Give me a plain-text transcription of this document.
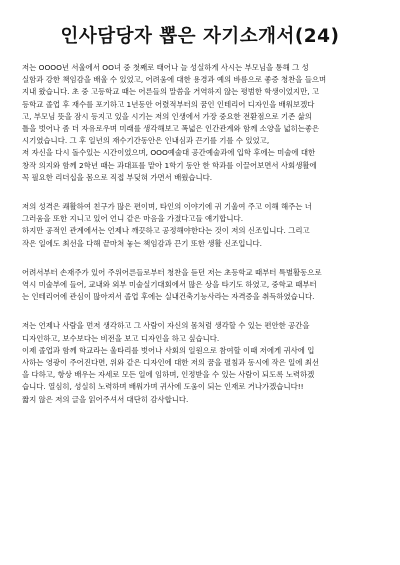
인사담당자 뽑은 자기소개서(24)
저는 OOOO년 서울에서 OO녀 중 첫째로 태어나 늘 성실하게 사시는 부모님을 통해 그 성
실함과 강한 책임감을 배울 수 있었고, 어려움에 대한 용경과 예의 바름으로 좋증 청찬을 들으며
지내 왔습니다. 초 중 고등학교 때는 어른들의 말씀을 거역하지 않는 평범한 학생이었지만, 고
등학교 졸업 후 재수를 포기하고 1년동안 어렸적부터의 꿈인 인테리어 디자인을 배워보겠다
고, 부모님 뜻을 잠시 등지고 있을 시기는 저의 인생에서 가장 중요한 전환점으로 기존 삶의
틀을 벗어나 좀 더 자유로우며 미래를 생각해보고 폭넓은 인간관계와 함께 소양을 넓히는좋은
시기였습니다. 그 후 일년의 재수기간동안은 인내심과 끈기를 기를 수 있었고,
저 자신을 다시 돌수있는 시간이었으며, OOO예술대 공간예술과에 입학 후에는 미술에 대한
창작 의지와 함께 2학년 때는 과대표를 맡아 1학기 동안 한 학과를 이끌어보면서 사회생활에
꼭 필요한 리더십을 몸으로 직접 부딪혀 가면서 배웠습니다.
저의 성격은 쾌활하여 친구가 많은 편이며, 타인의 이야기에 귀 기울여 주고 이해 해주는 너
그러움을 또한 지니고 있어 언니 같은 마음을 가졌다고들 얘기합니다.
하지만 공적인 관계에서는 언제나 깨끗하고 공정해야한다는 것이 저의 신조입니다. 그리고
작은 일에도 최선을 다해 끝마쳐 놓는 책임감과 끈기 또한 생활 신조입니다.
어려서부터 손재주가 있어 주위어른들로부터 청찬을 듣던 저는 초등학교 때부터 특별활동으로
역시 미술부에 들어, 교내와 외부 미술실기대회에서 많은 상을 타기도 하였고, 중학교 때부터
는 인테리어에 관심이 많아져서 졸업 후에는 실내건축기능사라는 자격증을 취득하였습니다.
저는 언제나 사람을 먼저 생각하고 그 사람이 자신의 몸처럼 생각할 수 있는 편안한 공간을
디자인하고, 보수보다는 비전을 보고 디자인을 하고 싶습니다.
이제 졸업과 함께 학교라는 울타리를 벗어나 사회의 일원으로 참여할 이때 저에게 귀사에 입
사하는 영광이 주어진다면, 위와 같은 디자인에 대한 저의 꿈을 펼침과 동시에 작은 일에 최선
을 다하고, 항상 배우는 자세로 모든 일에 임하며, 인정받을 수 있는 사람이 되도록 노력하겠
습니다. 열심히, 성실히 노력하며 배워가며 귀사에 도움이 되는 인재로 거나가겠습니다!!
짧지 않은 저의 글을 읽어주셔서 대단히 감사합니다.
